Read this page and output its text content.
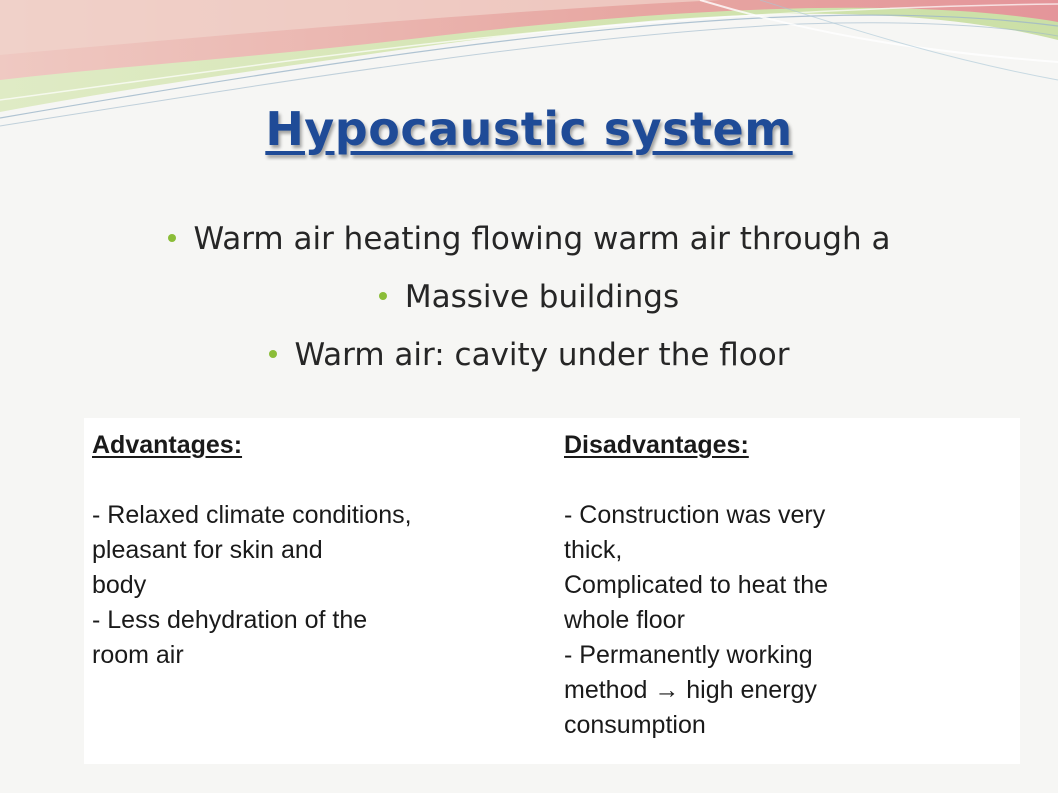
Hypocaustic system
Warm air heating flowing warm air through a
Massive buildings
Warm air: cavity under the floor
Advantages:
- Relaxed climate conditions,
pleasant for skin and
body
- Less dehydration of the
room air
Disadvantages:
- Construction was very
thick,
Complicated to heat the
whole floor
- Permanently working
method → high energy
consumption
